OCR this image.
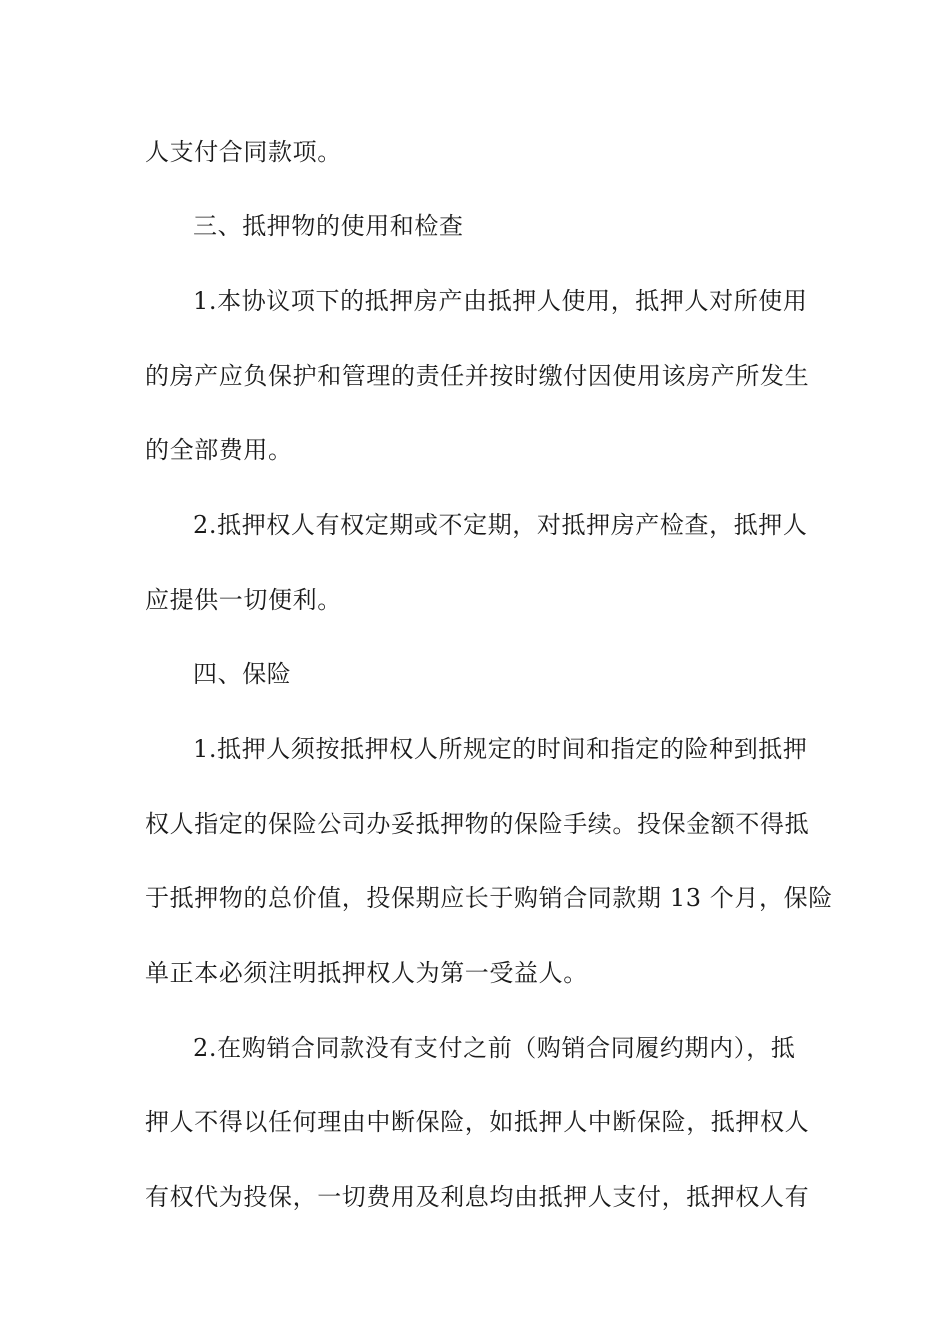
人支付合同款项。
三、抵押物的使用和检查
1.本协议项下的抵押房产由抵押人使用，抵押人对所使用
的房产应负保护和管理的责任并按时缴付因使用该房产所发生
的全部费用。
2.抵押权人有权定期或不定期，对抵押房产检查，抵押人
应提供一切便利。
四、保险
1.抵押人须按抵押权人所规定的时间和指定的险种到抵押
权人指定的保险公司办妥抵押物的保险手续。投保金额不得抵
于抵押物的总价值，投保期应长于购销合同款期 13 个月，保险
单正本必须注明抵押权人为第一受益人。
2.在购销合同款没有支付之前（购销合同履约期内），抵
押人不得以任何理由中断保险，如抵押人中断保险，抵押权人
有权代为投保，一切费用及利息均由抵押人支付，抵押权人有
